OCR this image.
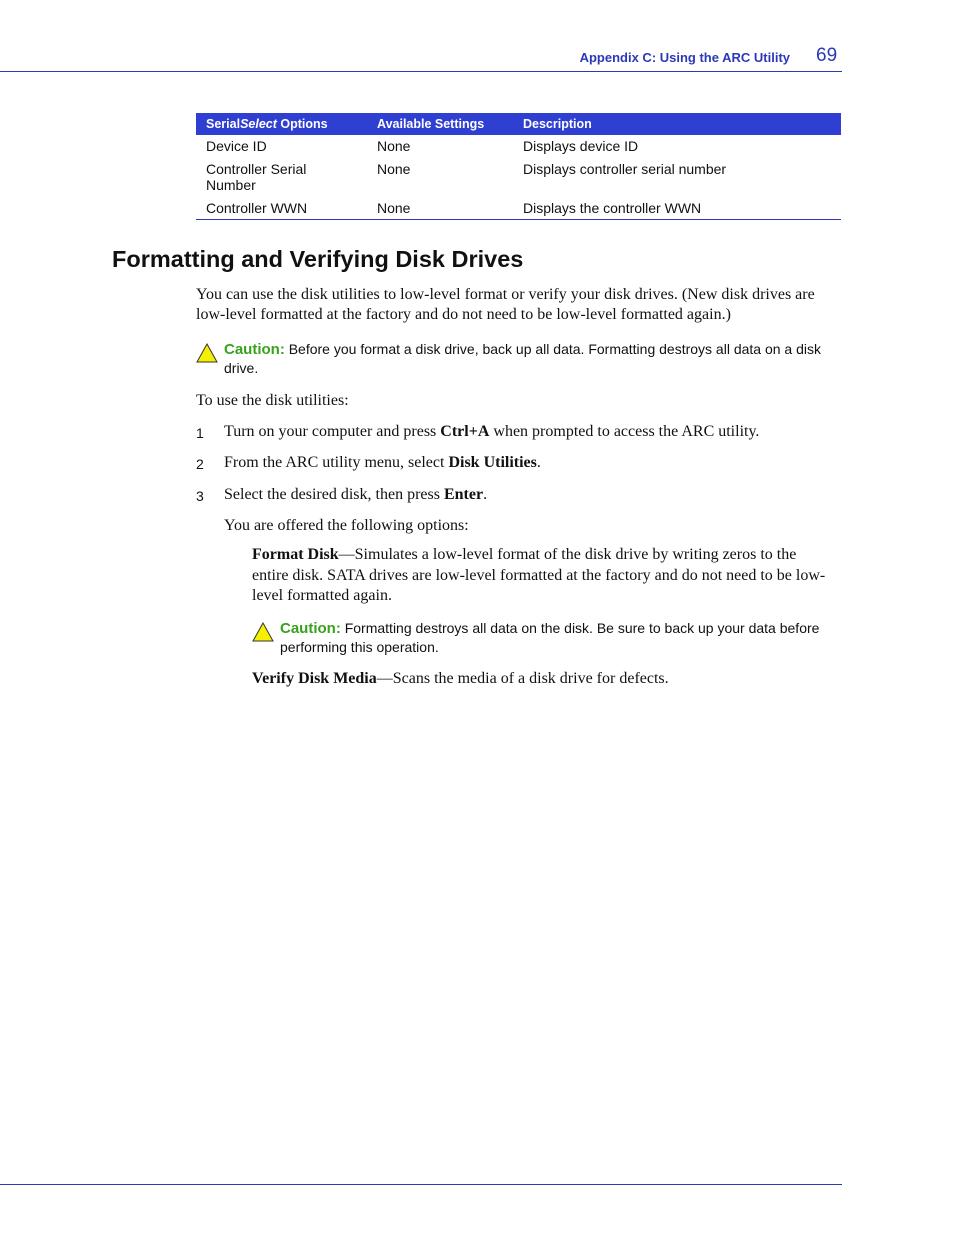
Appendix C: Using the ARC Utility 69
SerialSelect Options	Available Settings	Description
Device ID	None	Displays device ID
Controller Serial Number	None	Displays controller serial number
Controller WWN	None	Displays the controller WWN
Formatting and Verifying Disk Drives

You can use the disk utilities to low-level format or verify your disk drives. (New disk drives are low-level formatted at the factory and do not need to be low-level formatted again.)

Caution: Before you format a disk drive, back up all data. Formatting destroys all data on a disk drive.

To use the disk utilities:

1 Turn on your computer and press Ctrl+A when prompted to access the ARC utility.
2 From the ARC utility menu, select Disk Utilities.
3 Select the desired disk, then press Enter.

You are offered the following options:

Format Disk—Simulates a low-level format of the disk drive by writing zeros to the entire disk. SATA drives are low-level formatted at the factory and do not need to be low-level formatted again.

Caution: Formatting destroys all data on the disk. Be sure to back up your data before performing this operation.

Verify Disk Media—Scans the media of a disk drive for defects.
